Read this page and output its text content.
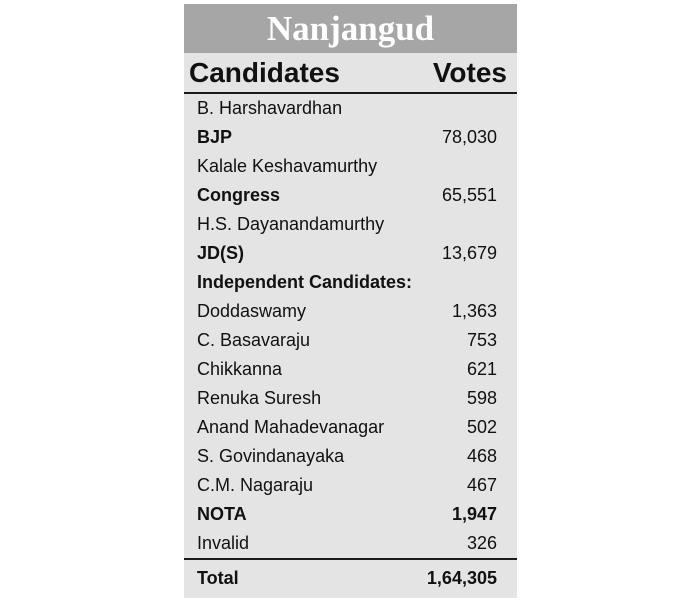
Nanjangud
Candidates	Votes
B. Harshavardhan
BJP	78,030
Kalale Keshavamurthy
Congress	65,551
H.S. Dayanandamurthy
JD(S)	13,679
Independent Candidates:
Doddaswamy	1,363
C. Basavaraju	753
Chikkanna	621
Renuka Suresh	598
Anand Mahadevanagar	502
S. Govindanayaka	468
C.M. Nagaraju	467
NOTA	1,947
Invalid	326
Total	1,64,305
